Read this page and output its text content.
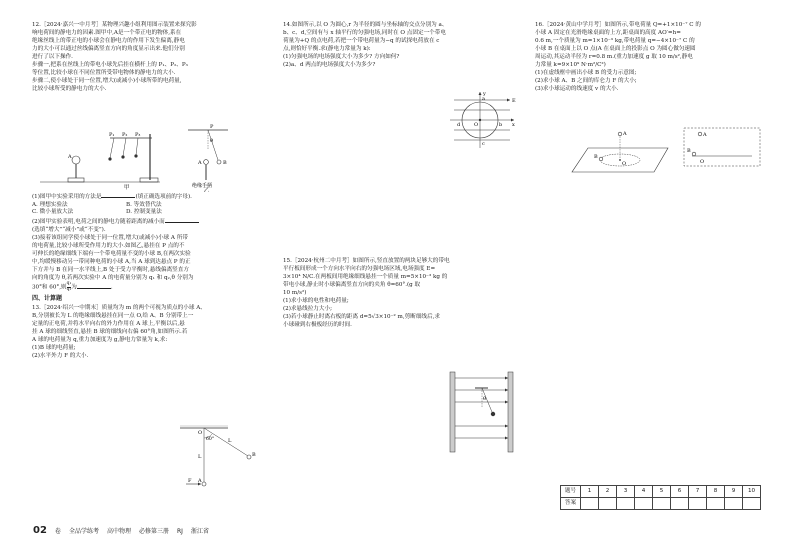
12.［2024·嘉兴一中月考］某物理兴趣小组利用图示装置来探究影

响电荷间的静电力的因素.图甲中,A是一个带正电的物体,系在

绝缘丝线上的带正电的小球会在静电力的作用下发生偏离,静电

力的大小可以通过丝线偏离竖直方向的角度显示出来.他们分别

进行了以下操作.

步骤一,把系在丝线上的带电小球先后挂在横杆上的 P₁、P₂、P₃

等位置,比较小球在不同位置所受带电物体的静电力的大小.

步骤二,使小球处于同一位置,增大(或减小)小球所带的电荷量,

比较小球所受的静电力的大小.

P₁ P₂ P₃
A
甲
P
θ
A	B
绝缘手柄
乙

(1)图甲中实验采用的方法是	(填正确选项前的字母).

A. 理想实验法	B. 等效替代法
C. 微小量放大法	D. 控制变量法

(2)图甲实验表明,电荷之间的静电力随着距离的减小而

(选填“增大”“减小”或“不变”).

(3)接着该组同学使小球处于同一位置,增大(或减小)小球 A 所带

的电荷量,比较小球所受作用力的大小.如图乙,悬挂在 P 点的不

可伸长的绝缘细线下端有一个带电荷量不变的小球 B,在两次实验

中,均缓慢移动另一带同种电荷的小球 A,当 A 球到达悬点 P 的正

下方并与 B 在同一水平线上,B 处于受力平衡时,悬线偏离竖直方

向的角度为 θ,若两次实验中 A 的电荷量分别为 q₁ 和 q₂,θ 分别为

30°和 60°,则 $\frac{\text{q₁}}{\text{q₂}}$ 为	.

四、计算题

13.［2024·绍兴一中期末］质量均为 m 的两个可视为质点的小球 A、

B,分别被长为 L 的绝缘细线悬挂在同一点 O,给 A、B 分别带上一

定量的正电荷,并将水平向右的外力作用在 A 球上,平衡以后,悬

挂 A 球的细线竖直,悬挂 B 球的细线向右偏 60°角,如图所示.若

A 球的电荷量为 q,重力加速度为 g,静电力常量为 k,求:

(1)B 球的电荷量;

(2)水平外力 F 的大小.

O
60°
L
L
A
B
F

14.如图所示,以 O 为圆心,r 为半径的圆与坐标轴的交点分别为 a、

b、c、d,空间有与 x 轴平行的匀强电场,同时在 O 点固定一个带电

荷量为+Q 的点电荷,若把一个带电荷量为−q 的试探电荷放在 c

点,则恰好平衡.求(静电力常量为 k):

(1)匀强电场的电场强度大小为多少? 方向如何?

(2)a、d 两点的电场强度大小为多少?

E
O
a
b
c
d	x
y

15.［2024·杭州二中月考］如图所示,竖直放置的两块足够大的带电

平行板间形成一个方向水平向右的匀强电场区域,电场强度 E=

3×10⁴ N/C.在两板间用绝缘细线悬挂一个质量 m=5×10⁻³ kg 的

带电小球,静止时小球偏离竖直方向的夹角 θ=60°.(g 取

10 m/s²)

(1)求小球的电性和电荷量;

(2)求悬线拉力大小;

(3)若小球静止时离右板的距离 d=5√3×10⁻² m,剪断细线后,求

小球碰到右极板经历的时间.

θ

16.［2024·黄山中学月考］如图所示,带电荷量 Q=+1×10⁻⁷ C 的

小球 A 固定在光滑绝缘桌面的上方,距桌面的高度 AO′=h=

0.6 m,一个质量为 m=1×10⁻³ kg,带电荷量 q=−4×10⁻⁷ C 的

小球 B 在桌面上以 O 点(A 在桌面上的投影点 O 为圆心做匀速圆

周运动,其运动半径为 r=0.8 m.(重力加速度 g 取 10 m/s²,静电

力常量 k=9×10⁹ N·m²/C²)

(1)在虚线框中画出小球 B 的受力示意图;

(2)求小球 A、B 之间的库仑力 F 的大小;

(3)求小球运动的线速度 v 的大小.

A
B
O
A
B
O
题号	1	2	3	4	5	6	7	8	9	10
答案										
02 卷 全品学练考 高中物理 必修第三册 RJ 浙江省
